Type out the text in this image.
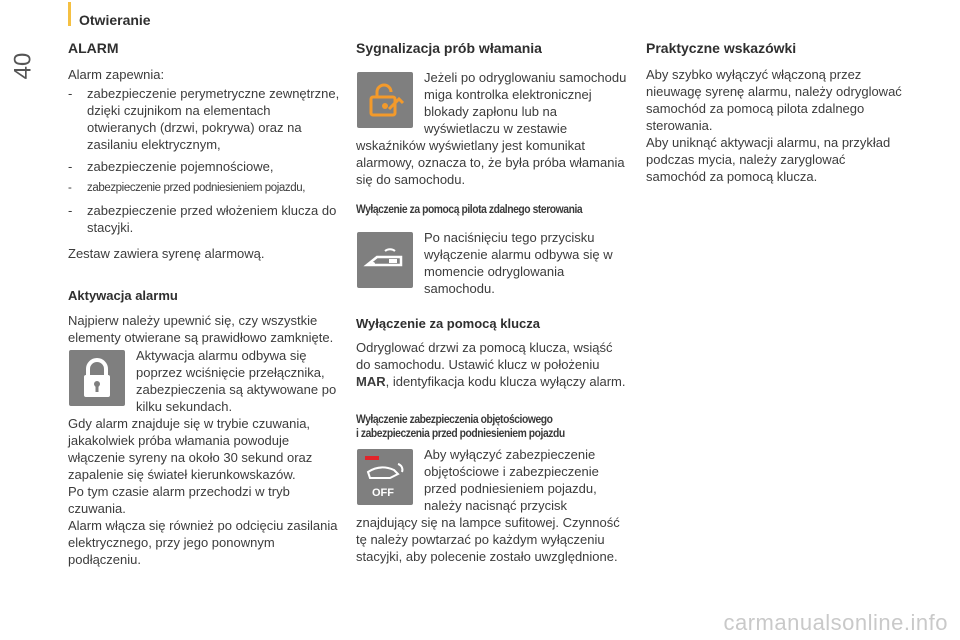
Otwieranie
40
ALARM

Alarm zapewnia:

- zabezpieczenie perymetryczne zewnętrzne, dzięki czujnikom na elementach otwieranych (drzwi, pokrywa) oraz na zasilaniu elektrycznym,
- zabezpieczenie pojemnościowe,
- zabezpieczenie przed podniesieniem pojazdu,
- zabezpieczenie przed włożeniem klucza do stacyjki.

Zestaw zawiera syrenę alarmową.

Aktywacja alarmu

Najpierw należy upewnić się, czy wszystkie elementy otwierane są prawidłowo zamknięte.

Aktywacja alarmu odbywa się poprzez wciśnięcie przełącznika, zabezpieczenia są aktywowane po kilku sekundach.

Gdy alarm znajduje się w trybie czuwania, jakakolwiek próba włamania powoduje włączenie syreny na około 30 sekund oraz zapalenie się świateł kierunkowskazów.

Po tym czasie alarm przechodzi w tryb czuwania.

Alarm włącza się również po odcięciu zasilania elektrycznego, przy jego ponownym podłączeniu.

Sygnalizacja prób włamania

Jeżeli po odryglowaniu samochodu miga kontrolka elektronicznej blokady zapłonu lub na wyświetlaczu w zestawie wskaźników wyświetlany jest komunikat alarmowy, oznacza to, że była próba włamania się do samochodu.

Wyłączenie za pomocą pilota zdalnego sterowania

Po naciśnięciu tego przycisku wyłączenie alarmu odbywa się w momencie odryglowania samochodu.

Wyłączenie za pomocą klucza

Odryglować drzwi za pomocą klucza, wsiąść do samochodu. Ustawić klucz w położeniu MAR, identyfikacja kodu klucza wyłączy alarm.

Wyłączenie zabezpieczenia objętościowego
i zabezpieczenia przed podniesieniem pojazdu
OFF

Aby wyłączyć zabezpieczenie objętościowe i zabezpieczenie przed podniesieniem pojazdu, należy nacisnąć przycisk znajdujący się na lampce sufitowej. Czynność tę należy powtarzać po każdym wyłączeniu stacyjki, aby polecenie zostało uwzględnione.

Praktyczne wskazówki

Aby szybko wyłączyć włączoną przez nieuwagę syrenę alarmu, należy odryglować samochód za pomocą pilota zdalnego sterowania.

Aby uniknąć aktywacji alarmu, na przykład podczas mycia, należy zaryglować samochód za pomocą klucza.

carmanualsonline.info
